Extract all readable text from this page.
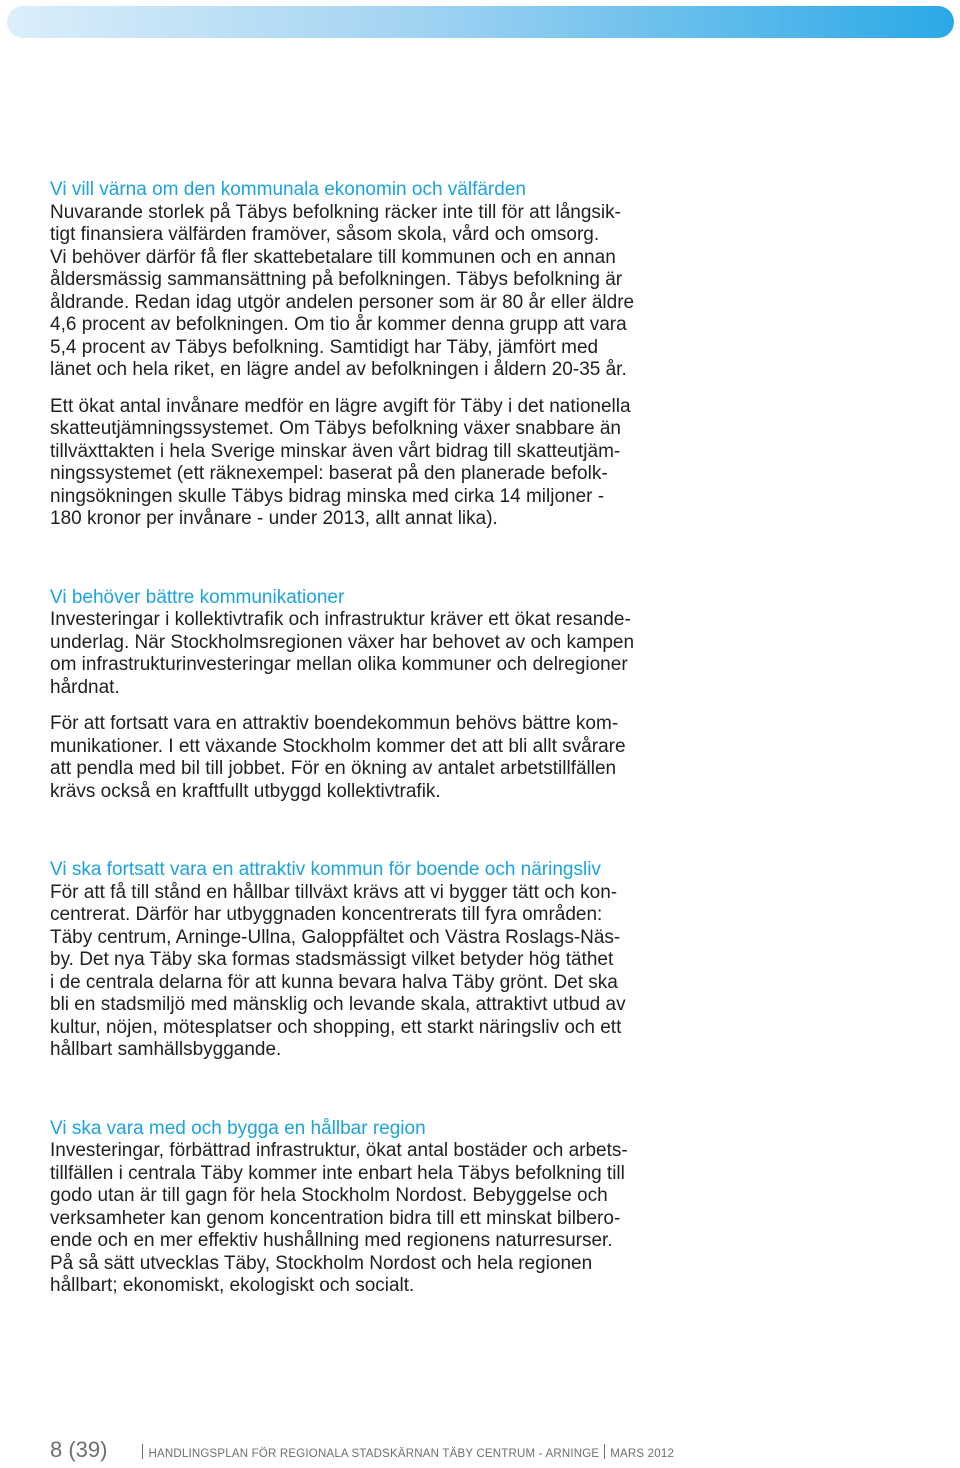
Vi vill värna om den kommunala ekonomin och välfärden

Nuvarande storlek på Täbys befolkning räcker inte till för att långsik-
tigt finansiera välfärden framöver, såsom skola, vård och omsorg.
Vi behöver därför få fler skattebetalare till kommunen och en annan
åldersmässig sammansättning på befolkningen. Täbys befolkning är
åldrande. Redan idag utgör andelen personer som är 80 år eller äldre
4,6 procent av befolkningen. Om tio år kommer denna grupp att vara
5,4 procent av Täbys befolkning. Samtidigt har Täby, jämfört med
länet och hela riket, en lägre andel av befolkningen i åldern 20-35 år.

Ett ökat antal invånare medför en lägre avgift för Täby i det nationella
skatteutjämningssystemet. Om Täbys befolkning växer snabbare än
tillväxttakten i hela Sverige minskar även vårt bidrag till skatteutjäm-
ningssystemet (ett räknexempel: baserat på den planerade befolk-
ningsökningen skulle Täbys bidrag minska med cirka 14 miljoner -
180 kronor per invånare - under 2013, allt annat lika).

Vi behöver bättre kommunikationer

Investeringar i kollektivtrafik och infrastruktur kräver ett ökat resande-
underlag. När Stockholmsregionen växer har behovet av och kampen
om infrastrukturinvesteringar mellan olika kommuner och delregioner
hårdnat.

För att fortsatt vara en attraktiv boendekommun behövs bättre kom-
munikationer. I ett växande Stockholm kommer det att bli allt svårare
att pendla med bil till jobbet. För en ökning av antalet arbetstillfällen
krävs också en kraftfullt utbyggd kollektivtrafik.

Vi ska fortsatt vara en attraktiv kommun för boende och näringsliv

För att få till stånd en hållbar tillväxt krävs att vi bygger tätt och kon-
centrerat. Därför har utbyggnaden koncentrerats till fyra områden:
Täby centrum, Arninge-Ullna, Galoppfältet och Västra Roslags-Näs-
by. Det nya Täby ska formas stadsmässigt vilket betyder hög täthet
i de centrala delarna för att kunna bevara halva Täby grönt. Det ska
bli en stadsmiljö med mänsklig och levande skala, attraktivt utbud av
kultur, nöjen, mötesplatser och shopping, ett starkt näringsliv och ett
hållbart samhällsbyggande.

Vi ska vara med och bygga en hållbar region

Investeringar, förbättrad infrastruktur, ökat antal bostäder och arbets-
tillfällen i centrala Täby kommer inte enbart hela Täbys befolkning till
godo utan är till gagn för hela Stockholm Nordost. Bebyggelse och
verksamheter kan genom koncentration bidra till ett minskat bilbero-
ende och en mer effektiv hushållning med regionens naturresurser.
På så sätt utvecklas Täby, Stockholm Nordost och hela regionen
hållbart; ekonomiskt, ekologiskt och socialt.

8 (39)	HANDLINGSPLAN FÖR REGIONALA STADSKÄRNAN TÄBY CENTRUM - ARNINGE MARS 2012
